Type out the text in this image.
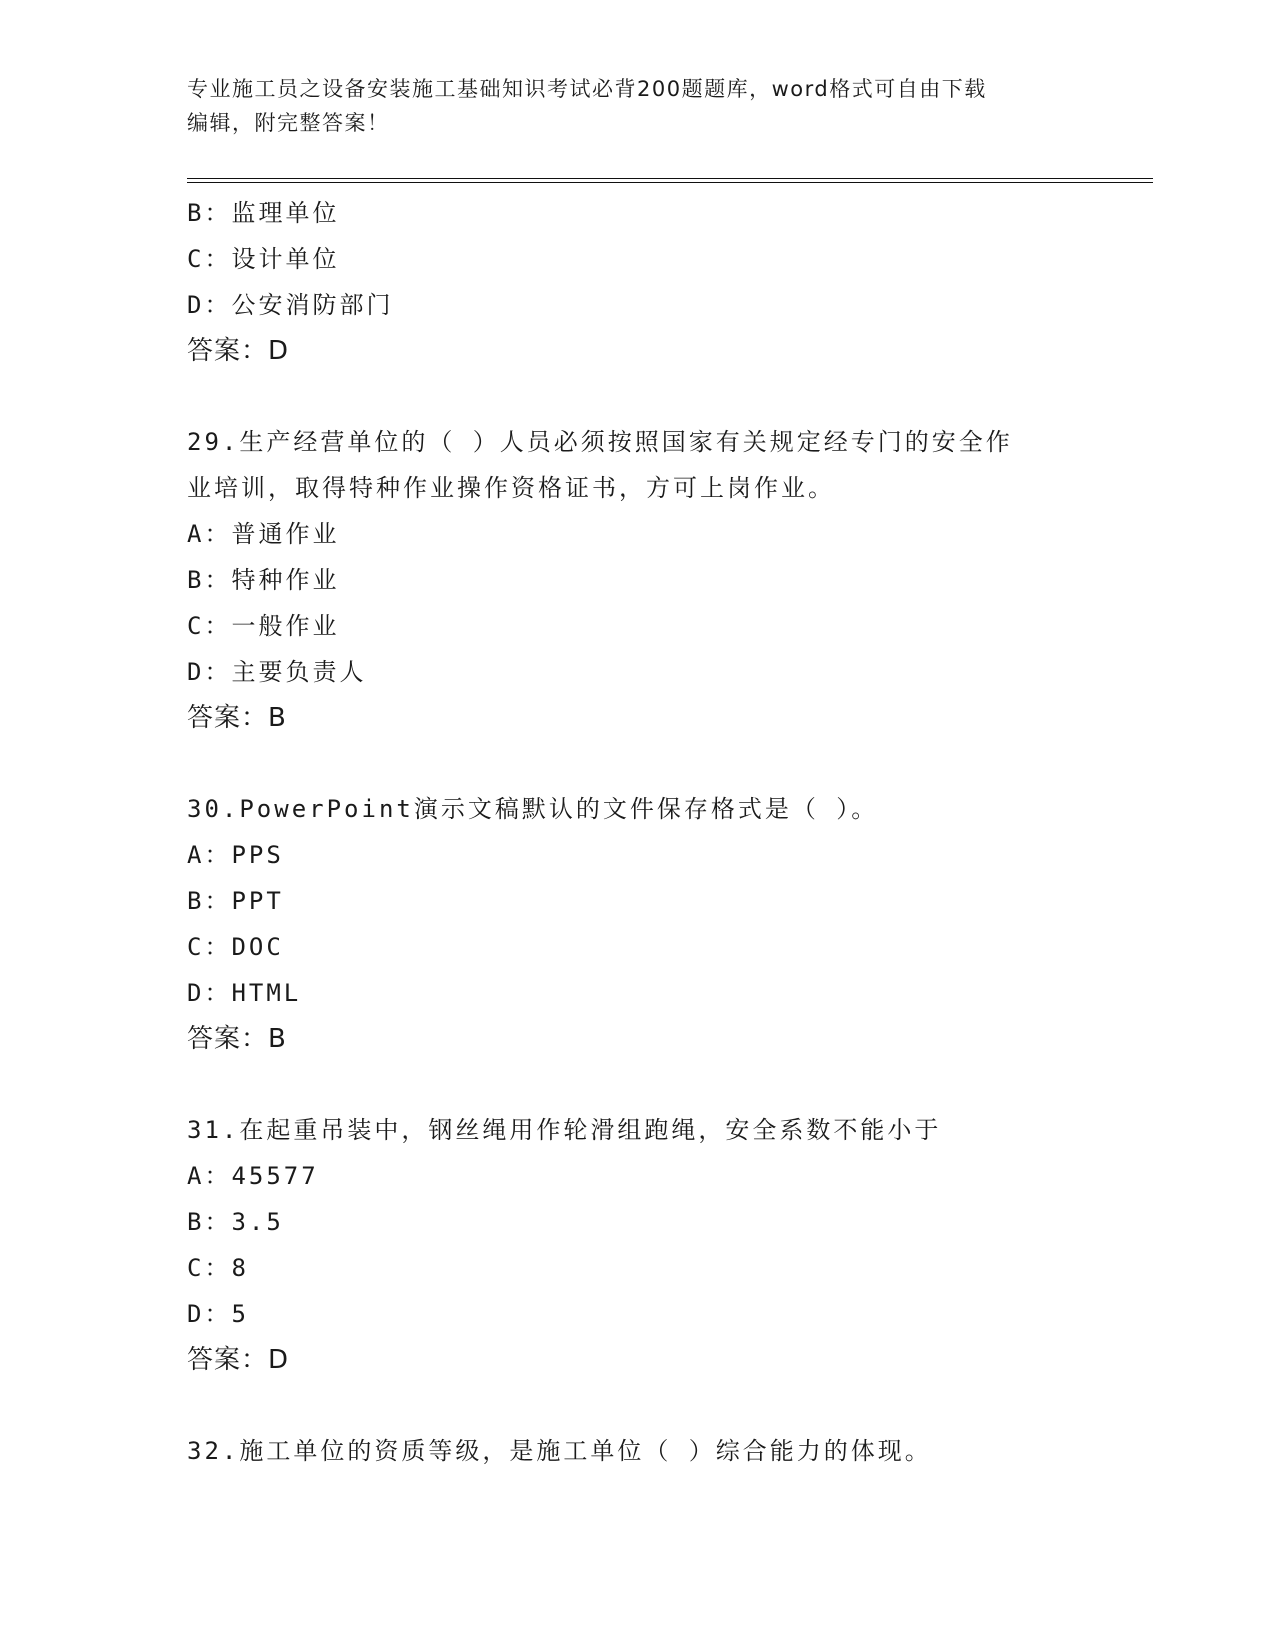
专业施工员之设备安装施工基础知识考试必背200题题库，word格式可自由下载
编辑，附完整答案！
B：监理单位
C：设计单位
D：公安消防部门
答案：D
29.生产经营单位的（ ）人员必须按照国家有关规定经专门的安全作
业培训，取得特种作业操作资格证书，方可上岗作业。
A：普通作业
B：特种作业
C：一般作业
D：主要负责人
答案：B
30.PowerPoint演示文稿默认的文件保存格式是（ ）。
A：PPS
B：PPT
C：DOC
D：HTML
答案：B
31.在起重吊装中，钢丝绳用作轮滑组跑绳，安全系数不能小于
A：45577
B：3.5
C：8
D：5
答案：D
32.施工单位的资质等级，是施工单位（ ）综合能力的体现。
